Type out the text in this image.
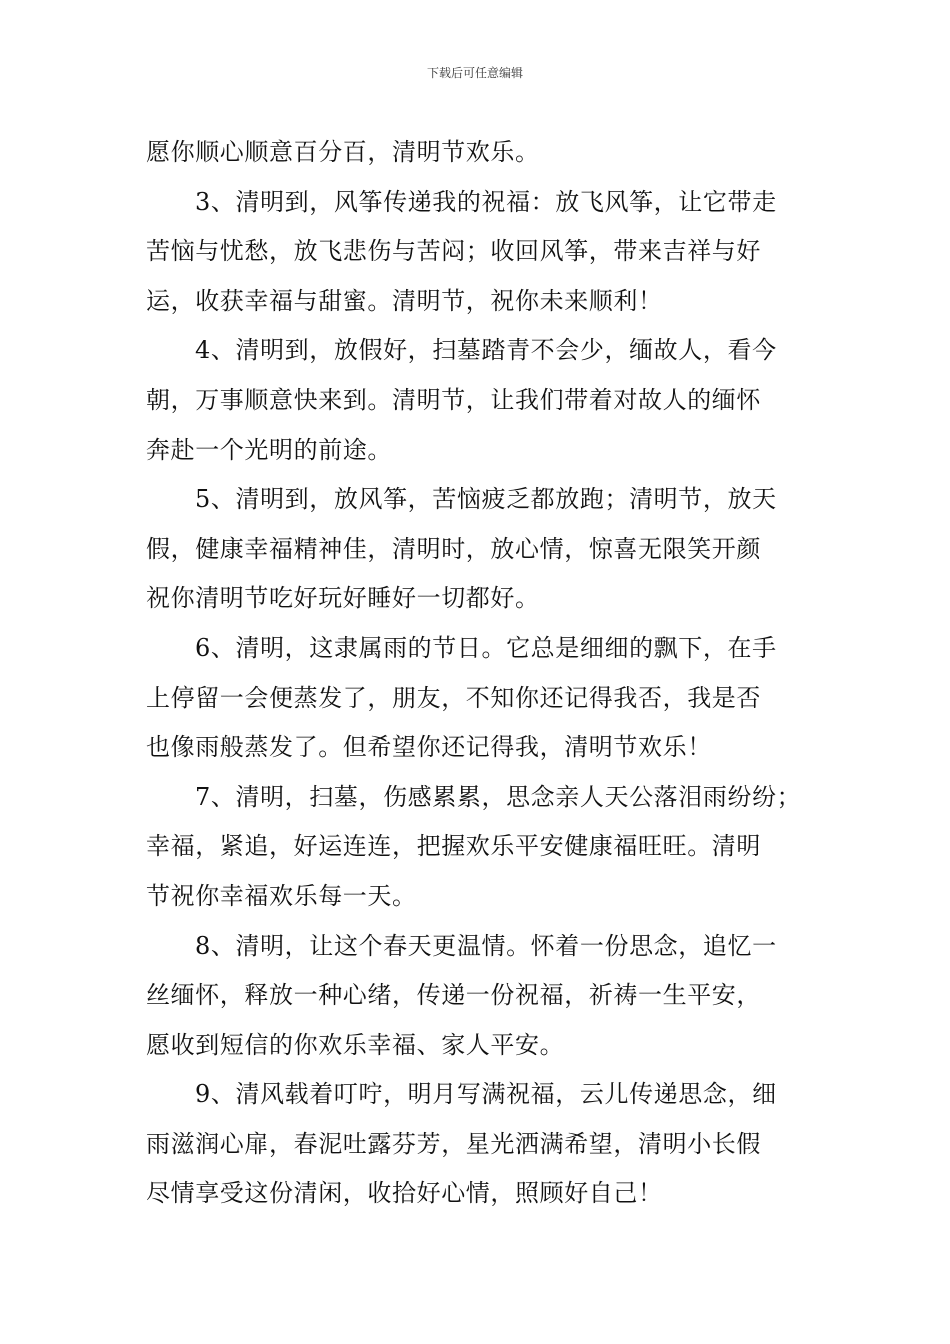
下载后可任意编辑
愿你顺心顺意百分百，清明节欢乐。
3、清明到，风筝传递我的祝福：放飞风筝，让它带走
苦恼与忧愁，放飞悲伤与苦闷；收回风筝，带来吉祥与好
运，收获幸福与甜蜜。清明节，祝你未来顺利！
4、清明到，放假好，扫墓踏青不会少，缅故人，看今
朝，万事顺意快来到。清明节，让我们带着对故人的缅怀
奔赴一个光明的前途。
5、清明到，放风筝，苦恼疲乏都放跑；清明节，放天
假，健康幸福精神佳，清明时，放心情，惊喜无限笑开颜
祝你清明节吃好玩好睡好一切都好。
6、清明，这隶属雨的节日。它总是细细的飘下，在手
上停留一会便蒸发了，朋友，不知你还记得我否，我是否
也像雨般蒸发了。但希望你还记得我，清明节欢乐！
7、清明，扫墓，伤感累累，思念亲人天公落泪雨纷纷；
幸福，紧追，好运连连，把握欢乐平安健康福旺旺。清明
节祝你幸福欢乐每一天。
8、清明，让这个春天更温情。怀着一份思念，追忆一
丝缅怀，释放一种心绪，传递一份祝福，祈祷一生平安，
愿收到短信的你欢乐幸福、家人平安。
9、清风载着叮咛，明月写满祝福，云儿传递思念，细
雨滋润心扉，春泥吐露芬芳，星光洒满希望，清明小长假
尽情享受这份清闲，收拾好心情，照顾好自己！
